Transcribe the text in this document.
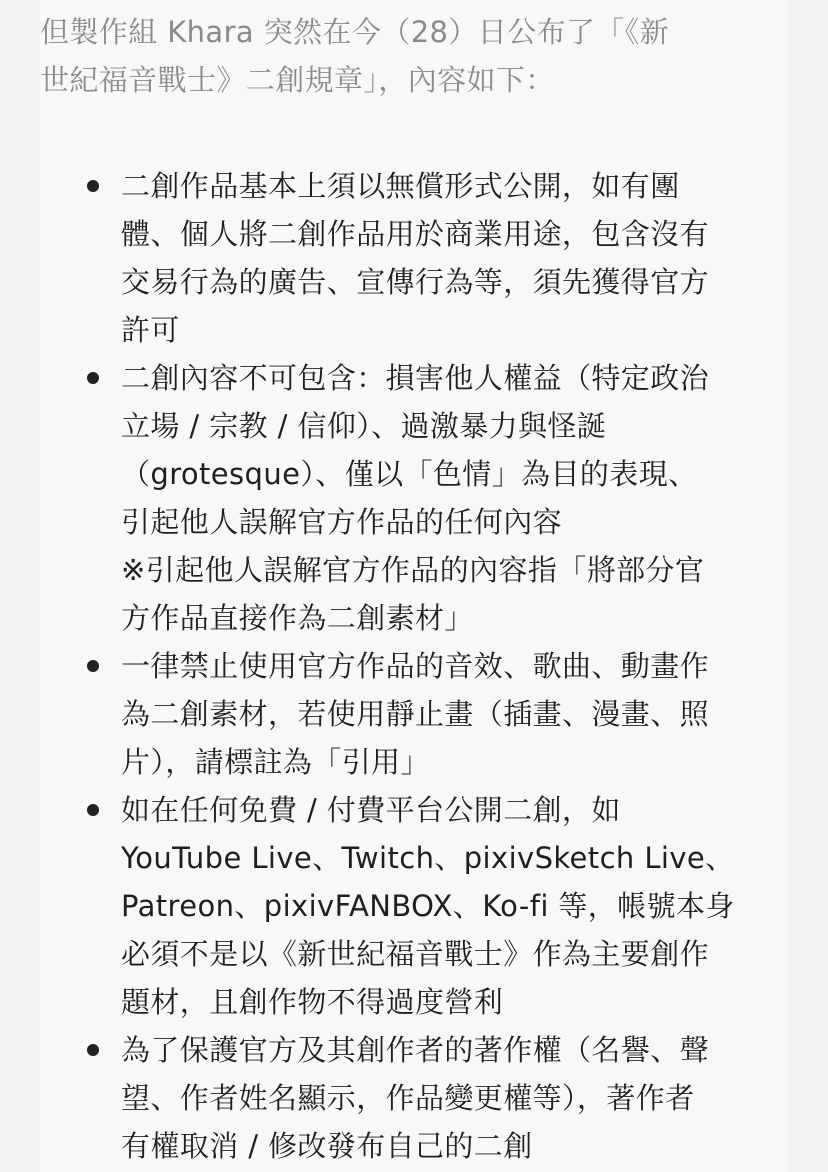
但製作組 Khara 突然在今（28）日公布了「《新
世紀福音戰士》二創規章」，內容如下：

二創作品基本上須以無償形式公開，如有團
體、個人將二創作品用於商業用途，包含沒有
交易行為的廣告、宣傳行為等，須先獲得官方
許可
二創內容不可包含：損害他人權益（特定政治
立場 / 宗教 / 信仰）、過激暴力與怪誕
（grotesque）、僅以「色情」為目的表現、
引起他人誤解官方作品的任何內容
※引起他人誤解官方作品的內容指「將部分官
方作品直接作為二創素材」
一律禁止使用官方作品的音效、歌曲、動畫作
為二創素材，若使用靜止畫（插畫、漫畫、照
片），請標註為「引用」
如在任何免費 / 付費平台公開二創，如
YouTube Live、Twitch、pixivSketch Live、
Patreon、pixivFANBOX、Ko-fi 等，帳號本身
必須不是以《新世紀福音戰士》作為主要創作
題材，且創作物不得過度營利
為了保護官方及其創作者的著作權（名譽、聲
望、作者姓名顯示，作品變更權等），著作者
有權取消 / 修改發布自己的二創
